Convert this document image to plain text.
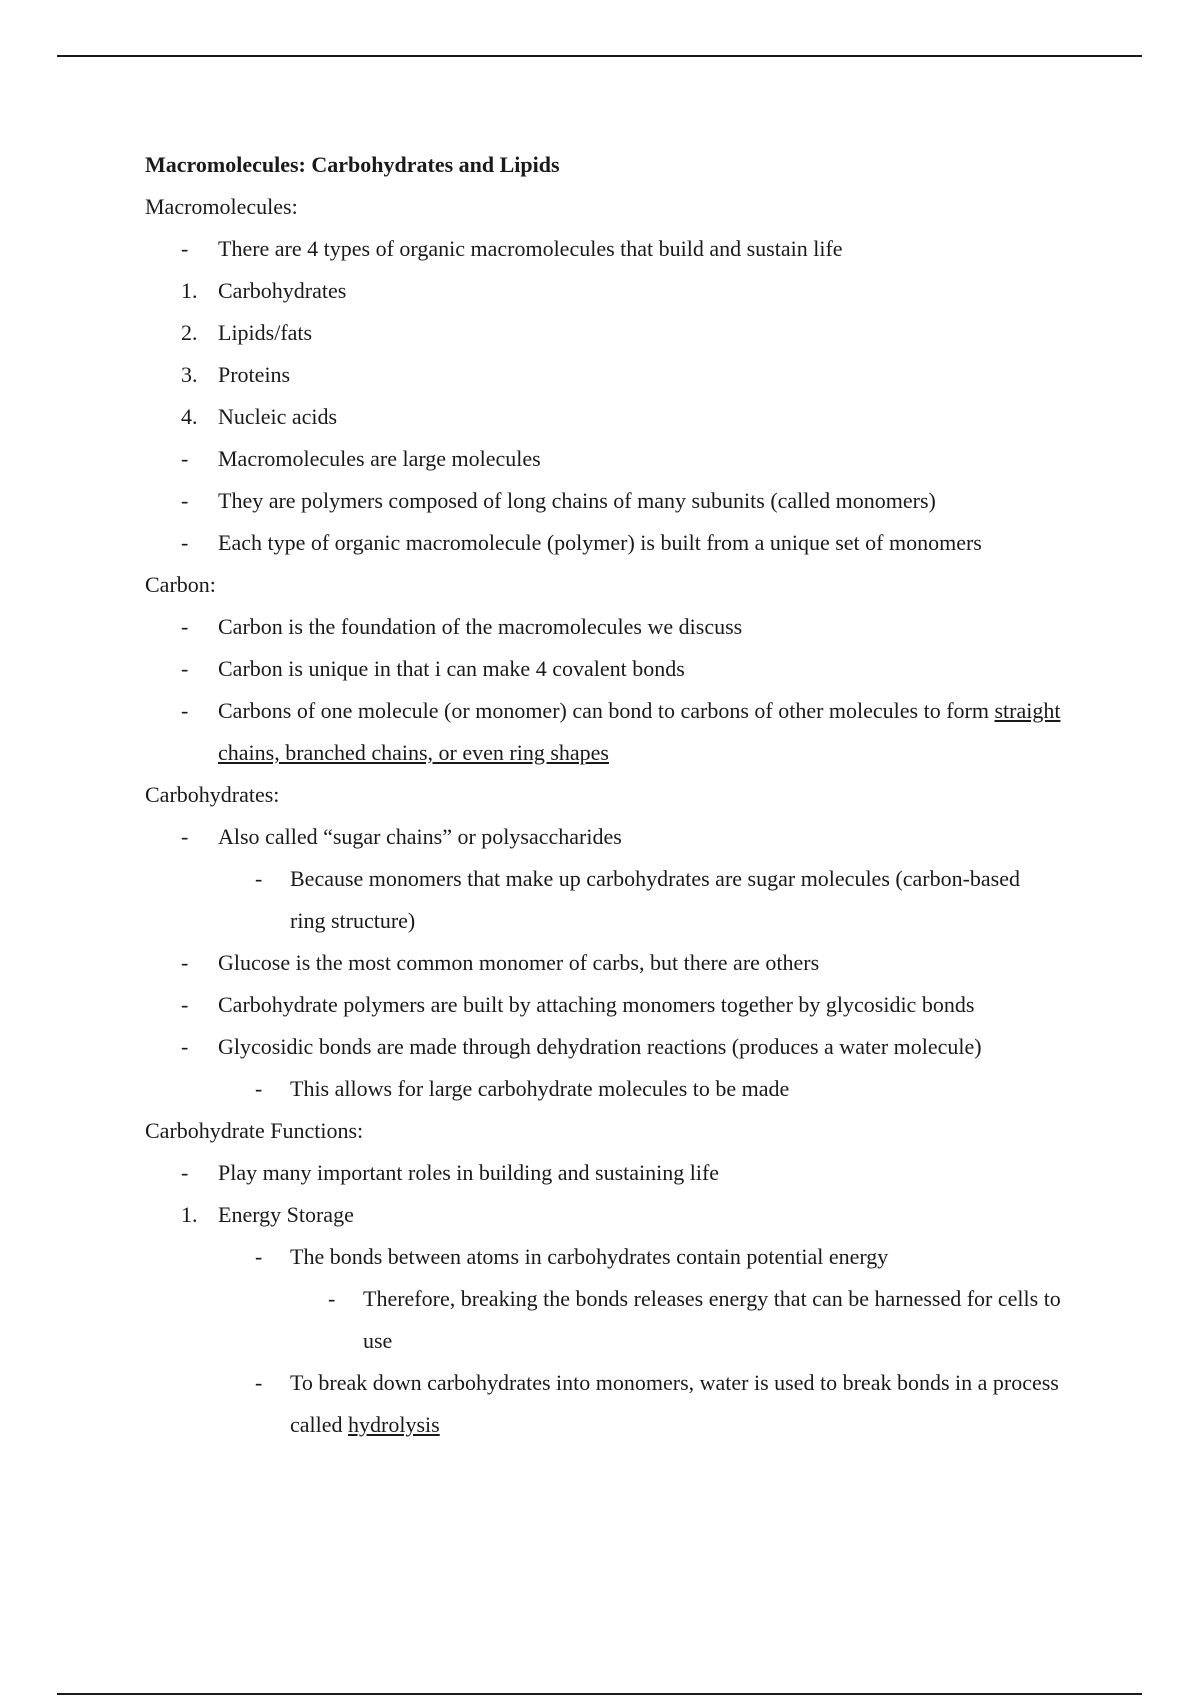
Macromolecules: Carbohydrates and Lipids

Macromolecules:

- There are 4 types of organic macromolecules that build and sustain life
1. Carbohydrates
2. Lipids/fats
3. Proteins
4. Nucleic acids
- Macromolecules are large molecules
- They are polymers composed of long chains of many subunits (called monomers)
- Each type of organic macromolecule (polymer) is built from a unique set of monomers

Carbon:

- Carbon is the foundation of the macromolecules we discuss
- Carbon is unique in that i can make 4 covalent bonds
- Carbons of one molecule (or monomer) can bond to carbons of other molecules to form straight chains, branched chains, or even ring shapes

Carbohydrates:

- Also called “sugar chains” or polysaccharides
- Because monomers that make up carbohydrates are sugar molecules (carbon-based ring structure)
- Glucose is the most common monomer of carbs, but there are others
- Carbohydrate polymers are built by attaching monomers together by glycosidic bonds
- Glycosidic bonds are made through dehydration reactions (produces a water molecule)
- This allows for large carbohydrate molecules to be made

Carbohydrate Functions:

- Play many important roles in building and sustaining life
1. Energy Storage
- The bonds between atoms in carbohydrates contain potential energy
- Therefore, breaking the bonds releases energy that can be harnessed for cells to use
- To break down carbohydrates into monomers, water is used to break bonds in a process called hydrolysis
